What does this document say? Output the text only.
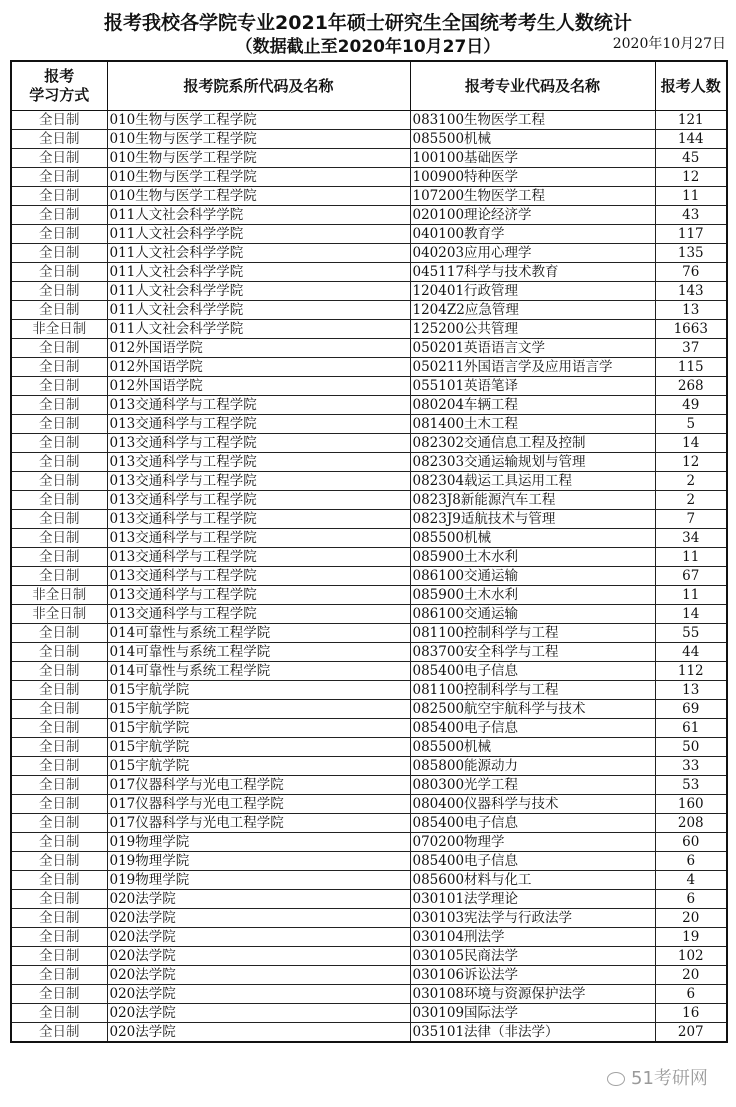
报考我校各学院专业2021年硕士研究生全国统考考生人数统计
（数据截止至2020年10月27日）	2020年10月27日
报考
学习方式	报考院系所代码及名称	报考专业代码及名称	报考人数
全日制	010生物与医学工程学院	083100生物医学工程	121
全日制	010生物与医学工程学院	085500机械	144
全日制	010生物与医学工程学院	100100基础医学	45
全日制	010生物与医学工程学院	100900特种医学	12
全日制	010生物与医学工程学院	107200生物医学工程	11
全日制	011人文社会科学学院	020100理论经济学	43
全日制	011人文社会科学学院	040100教育学	117
全日制	011人文社会科学学院	040203应用心理学	135
全日制	011人文社会科学学院	045117科学与技术教育	76
全日制	011人文社会科学学院	120401行政管理	143
全日制	011人文社会科学学院	1204Z2应急管理	13
非全日制	011人文社会科学学院	125200公共管理	1663
全日制	012外国语学院	050201英语语言文学	37
全日制	012外国语学院	050211外国语言学及应用语言学	115
全日制	012外国语学院	055101英语笔译	268
全日制	013交通科学与工程学院	080204车辆工程	49
全日制	013交通科学与工程学院	081400土木工程	5
全日制	013交通科学与工程学院	082302交通信息工程及控制	14
全日制	013交通科学与工程学院	082303交通运输规划与管理	12
全日制	013交通科学与工程学院	082304载运工具运用工程	2
全日制	013交通科学与工程学院	0823J8新能源汽车工程	2
全日制	013交通科学与工程学院	0823J9适航技术与管理	7
全日制	013交通科学与工程学院	085500机械	34
全日制	013交通科学与工程学院	085900土木水利	11
全日制	013交通科学与工程学院	086100交通运输	67
非全日制	013交通科学与工程学院	085900土木水利	11
非全日制	013交通科学与工程学院	086100交通运输	14
全日制	014可靠性与系统工程学院	081100控制科学与工程	55
全日制	014可靠性与系统工程学院	083700安全科学与工程	44
全日制	014可靠性与系统工程学院	085400电子信息	112
全日制	015宇航学院	081100控制科学与工程	13
全日制	015宇航学院	082500航空宇航科学与技术	69
全日制	015宇航学院	085400电子信息	61
全日制	015宇航学院	085500机械	50
全日制	015宇航学院	085800能源动力	33
全日制	017仪器科学与光电工程学院	080300光学工程	53
全日制	017仪器科学与光电工程学院	080400仪器科学与技术	160
全日制	017仪器科学与光电工程学院	085400电子信息	208
全日制	019物理学院	070200物理学	60
全日制	019物理学院	085400电子信息	6
全日制	019物理学院	085600材料与化工	4
全日制	020法学院	030101法学理论	6
全日制	020法学院	030103宪法学与行政法学	20
全日制	020法学院	030104刑法学	19
全日制	020法学院	030105民商法学	102
全日制	020法学院	030106诉讼法学	20
全日制	020法学院	030108环境与资源保护法学	6
全日制	020法学院	030109国际法学	16
全日制	020法学院	035101法律（非法学）	207
51考研网
